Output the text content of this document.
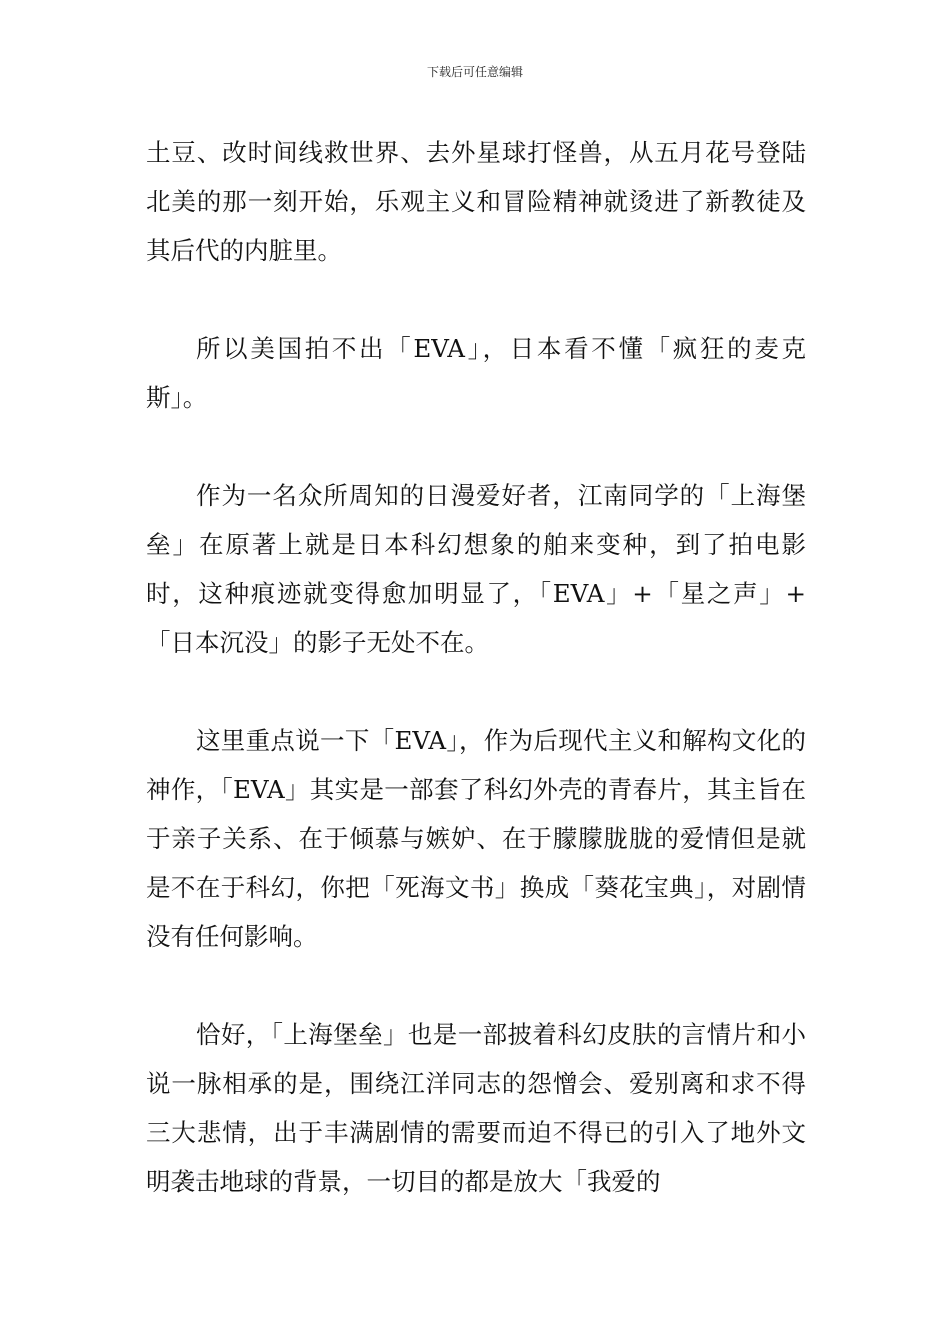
下载后可任意编辑

土豆、改时间线救世界、去外星球打怪兽，从五月花号登陆北美的那一刻开始，乐观主义和冒险精神就烫进了新教徒及其后代的内脏里。

所以美国拍不出「EVA」，日本看不懂「疯狂的麦克斯」。

作为一名众所周知的日漫爱好者，江南同学的「上海堡垒」在原著上就是日本科幻想象的舶来变种，到了拍电影时，这种痕迹就变得愈加明显了，「EVA」+「星之声」+「日本沉没」的影子无处不在。

这里重点说一下「EVA」，作为后现代主义和解构文化的神作，「EVA」其实是一部套了科幻外壳的青春片，其主旨在于亲子关系、在于倾慕与嫉妒、在于朦朦胧胧的爱情但是就是不在于科幻，你把「死海文书」换成「葵花宝典」，对剧情没有任何影响。

恰好，「上海堡垒」也是一部披着科幻皮肤的言情片和小说一脉相承的是，围绕江洋同志的怨憎会、爱别离和求不得三大悲情，出于丰满剧情的需要而迫不得已的引入了地外文明袭击地球的背景，一切目的都是放大「我爱的
